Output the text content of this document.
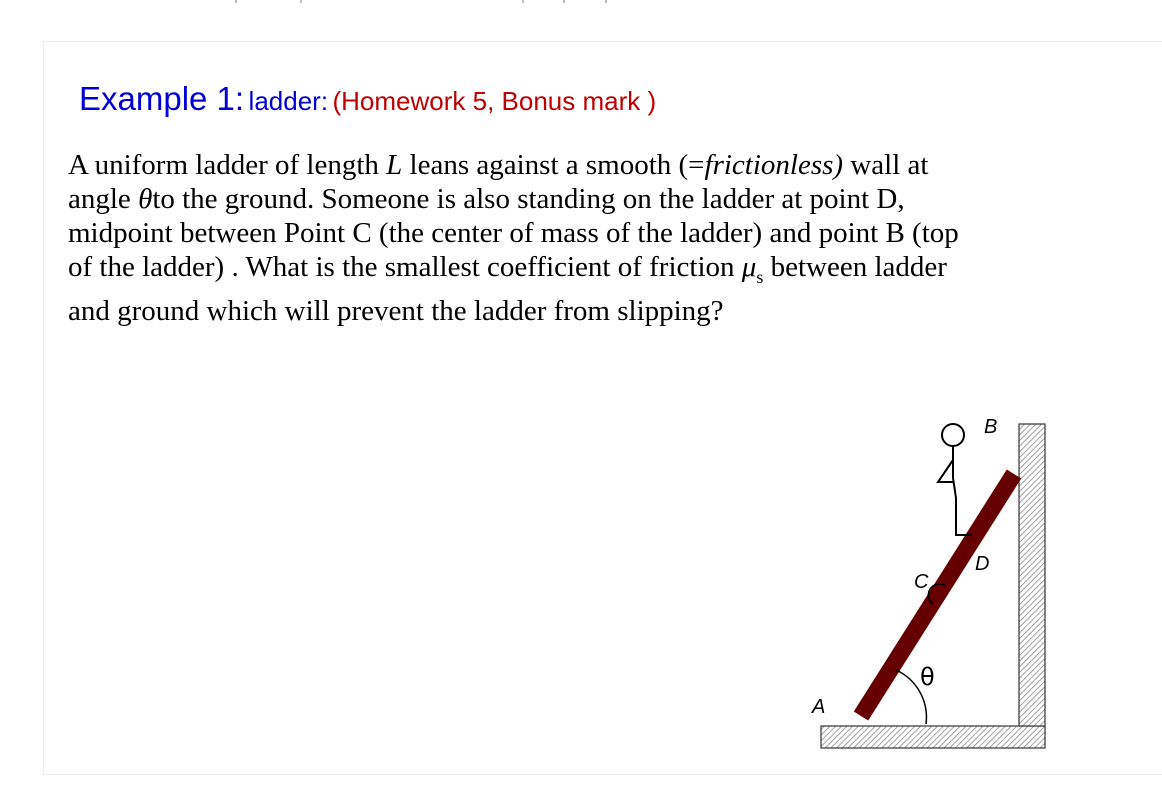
Example 1: ladder: (Homework 5, Bonus mark )
A uniform ladder of length L leans against a smooth (=frictionless) wall at
angle θto the ground. Someone is also standing on the ladder at point D,
midpoint between Point C (the center of mass of the ladder) and point B (top
of the ladder) . What is the smallest coefficient of friction $\mu_s$ between ladder
and ground which will prevent the ladder from slipping?
A
B
C
D
θ
